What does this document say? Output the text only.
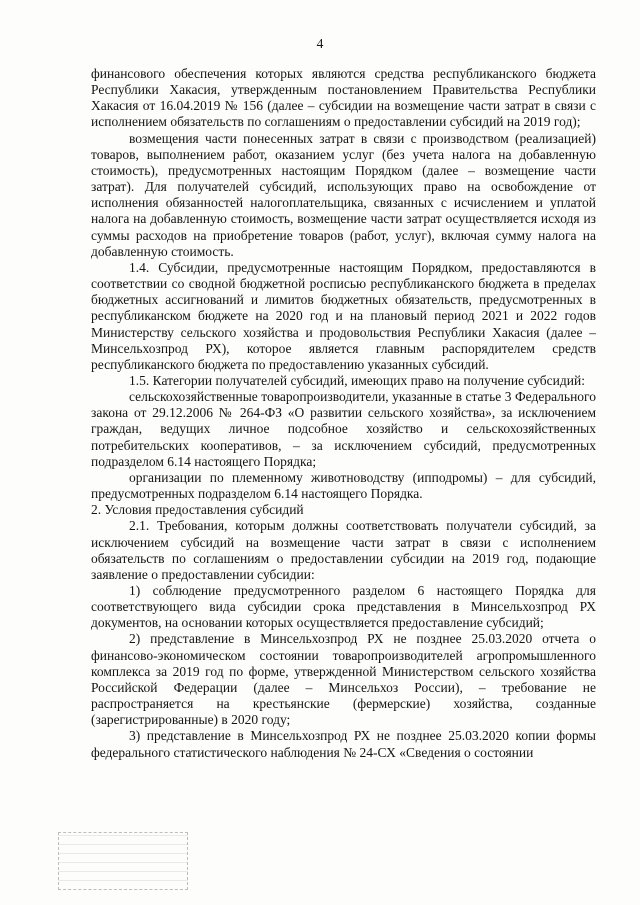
4

финансового обеспечения которых являются средства республиканского бюджета Республики Хакасия, утвержденным постановлением Правительства Республики Хакасия от 16.04.2019 № 156 (далее – субсидии на возмещение части затрат в связи с исполнением обязательств по соглашениям о предоставлении субсидий на 2019 год);

возмещения части понесенных затрат в связи с производством (реализацией) товаров, выполнением работ, оказанием услуг (без учета налога на добавленную стоимость), предусмотренных настоящим Порядком (далее – возмещение части затрат). Для получателей субсидий, использующих право на освобождение от исполнения обязанностей налогоплательщика, связанных с исчислением и уплатой налога на добавленную стоимость, возмещение части затрат осуществляется исходя из суммы расходов на приобретение товаров (работ, услуг), включая сумму налога на добавленную стоимость.

1.4. Субсидии, предусмотренные настоящим Порядком, предоставляются в соответствии со сводной бюджетной росписью республиканского бюджета в пределах бюджетных ассигнований и лимитов бюджетных обязательств, предусмотренных в республиканском бюджете на 2020 год и на плановый период 2021 и 2022 годов Министерству сельского хозяйства и продовольствия Республики Хакасия (далее – Минсельхозпрод РХ), которое является главным распорядителем средств республиканского бюджета по предоставлению указанных субсидий.

1.5. Категории получателей субсидий, имеющих право на получение субсидий:

сельскохозяйственные товаропроизводители, указанные в статье 3 Федерального закона от 29.12.2006 № 264-ФЗ «О развитии сельского хозяйства», за исключением граждан, ведущих личное подсобное хозяйство и сельскохозяйственных потребительских кооперативов, – за исключением субсидий, предусмотренных подразделом 6.14 настоящего Порядка;

организации по племенному животноводству (ипподромы) – для субсидий, предусмотренных подразделом 6.14 настоящего Порядка.

2. Условия предоставления субсидий

2.1. Требования, которым должны соответствовать получатели субсидий, за исключением субсидий на возмещение части затрат в связи с исполнением обязательств по соглашениям о предоставлении субсидии на 2019 год, подающие заявление о предоставлении субсидии:

1) соблюдение предусмотренного разделом 6 настоящего Порядка для соответствующего вида субсидии срока представления в Минсельхозпрод РХ документов, на основании которых осуществляется предоставление субсидий;

2) представление в Минсельхозпрод РХ не позднее 25.03.2020 отчета о финансово-экономическом состоянии товаропроизводителей агропромышленного комплекса за 2019 год по форме, утвержденной Министерством сельского хозяйства Российской Федерации (далее – Минсельхоз России), – требование не распространяется на крестьянские (фермерские) хозяйства, созданные (зарегистрированные) в 2020 году;

3) представление в Минсельхозпрод РХ не позднее 25.03.2020 копии формы федерального статистического наблюдения № 24-СХ «Сведения о состоянии
